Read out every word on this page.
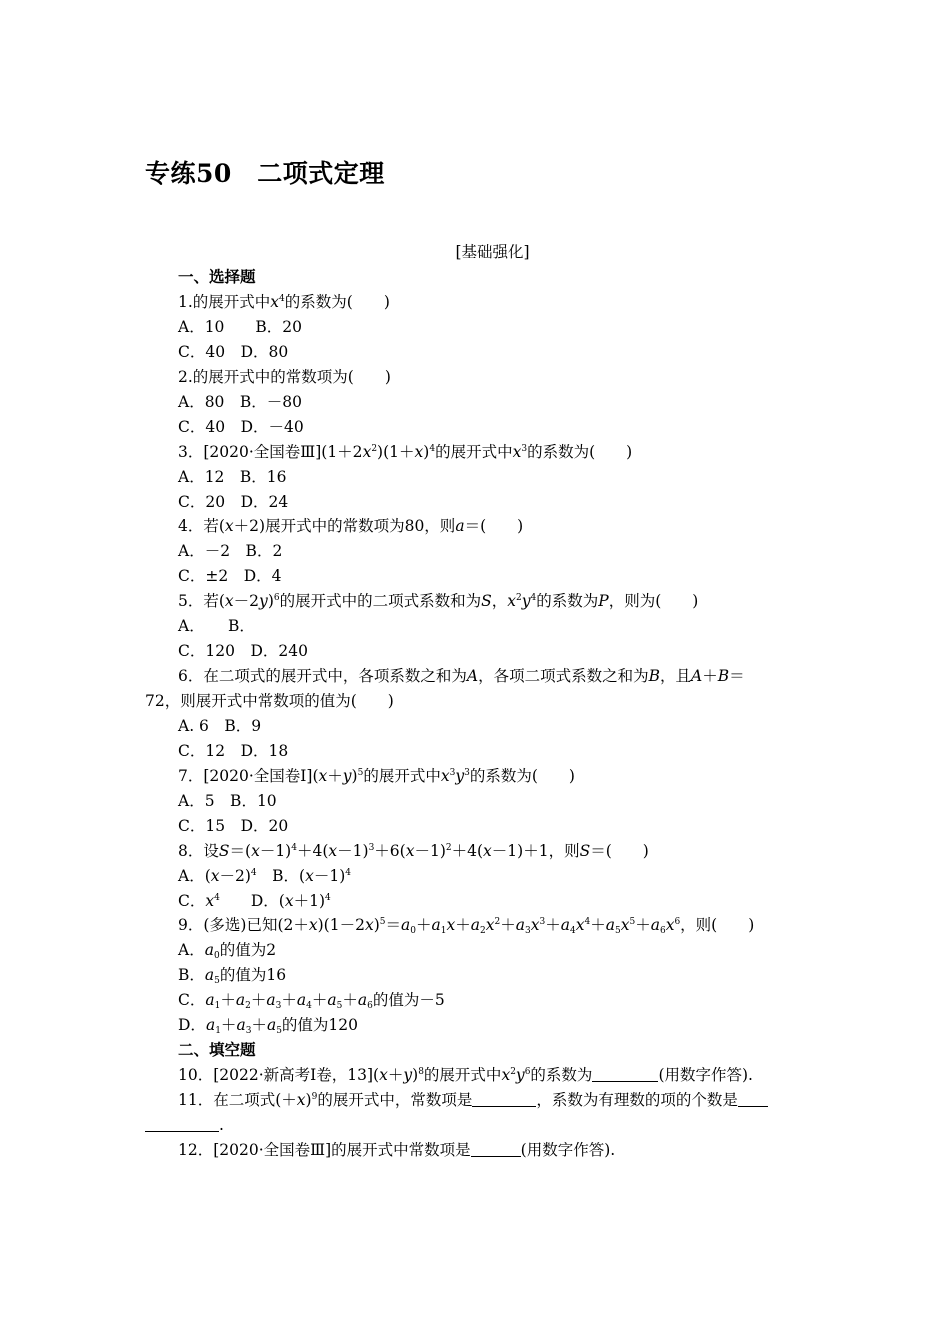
专练50　二项式定理
[基础强化]
一、选择题
1.的展开式中$x^4$的系数为(　　)
A．10　　B．20
C．40　D．80
2.的展开式中的常数项为(　　)
A．80　B．－80
C．40　D．－40
3．[2020·全国卷$Ⅲ](1+2x^2)(1+x)^4$的展开式中$x^3$的系数为(　　)
A．12　B．16
C．20　D．24
4．若(x＋2)展开式中的常数项为80，则a＝(　　)
A．－2　B．2
C．±2　D．4
5．若$(x-2y)^6$的展开式中的二项式系数和为S，$x^2y^4$的系数为P，则为(　　)
A．　　B．
C．120　D．240
6．在二项式的展开式中，各项系数之和为A，各项二项式系数之和为B，且A＋B＝
72，则展开式中常数项的值为(　　)
A. 6　B．9
C．12　D．18
7．[2020·全国卷$Ⅰ](x+y)^5$的展开式中$x^3y^3$的系数为(　　)
A．5　B．10
C．15　D．20
8．设$S=(x-1)^4+4(x-1)^3+6(x-1)^2+4(x-1)+1$，则S＝(　　)
A．$(x-2)^4$　B．$(x-1)^4$
C．$x^4$　　D．$(x+1)^4$
9．(多选)已知$(2+x)(1-2x)^5=a_0+a_1x+a_2x^2+a_3x^3+a_4x^4+a_5x^5+a_6x^6$，则(　　)
A．$a_0$的值为2
B．$a_5$的值为16
C．$a_1+a_2+a_3+a_4+a_5+a_6$的值为－5
D．$a_1+a_3+a_5$的值为120
二、填空题
10．[2022·新高考Ⅰ卷，$13](x+y)^8$的展开式中$x^2y^6$的系数为	(用数字作答).
11．在二项式$(+x)^9$的展开式中，常数项是	，系数为有理数的项的个数是
.
12．[2020·全国卷Ⅲ]的展开式中常数项是	(用数字作答).
